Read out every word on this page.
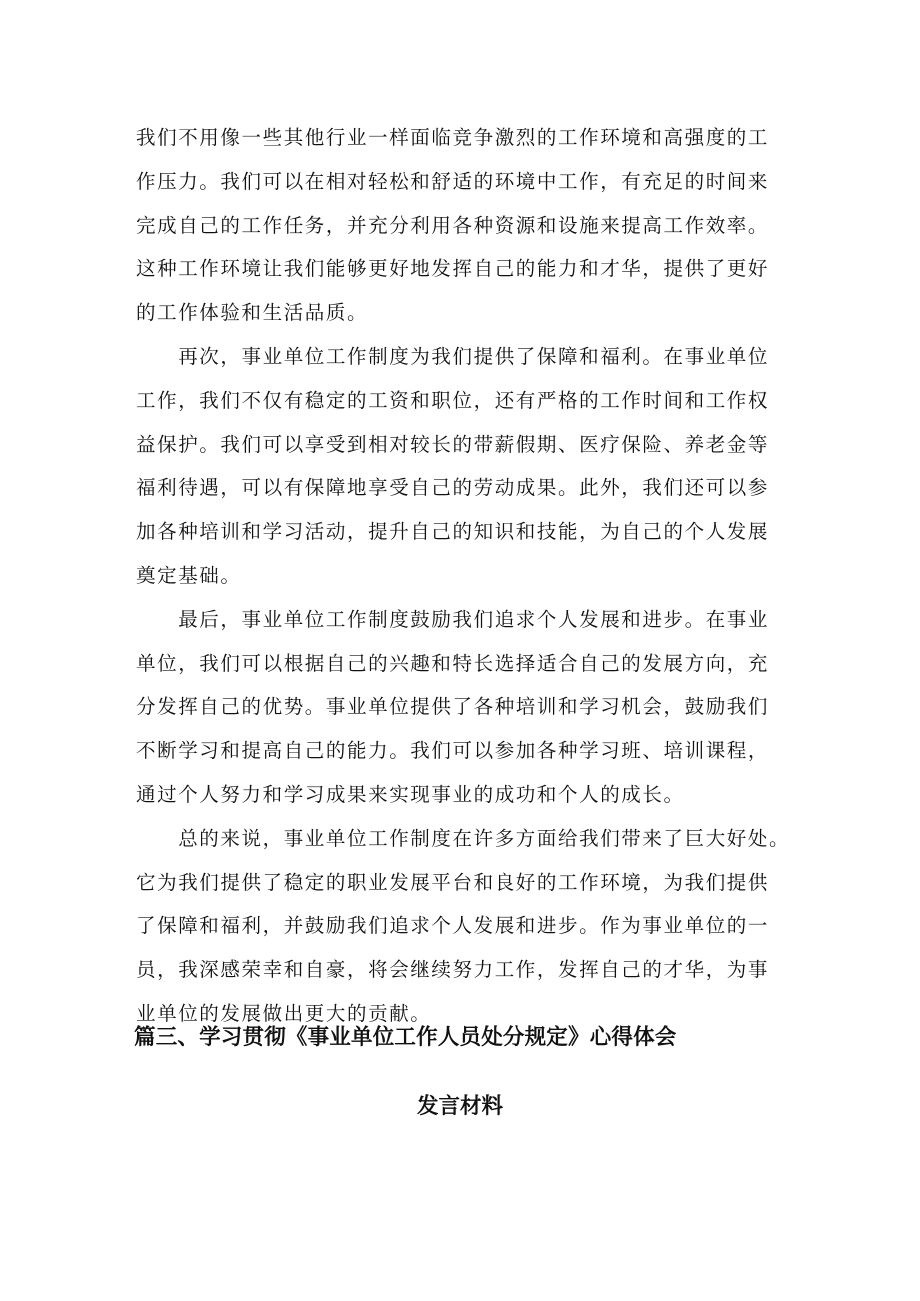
我们不用像一些其他行业一样面临竞争激烈的工作环境和高强度的工
作压力。我们可以在相对轻松和舒适的环境中工作，有充足的时间来
完成自己的工作任务，并充分利用各种资源和设施来提高工作效率。
这种工作环境让我们能够更好地发挥自己的能力和才华，提供了更好
的工作体验和生活品质。

　　再次，事业单位工作制度为我们提供了保障和福利。在事业单位
工作，我们不仅有稳定的工资和职位，还有严格的工作时间和工作权
益保护。我们可以享受到相对较长的带薪假期、医疗保险、养老金等
福利待遇，可以有保障地享受自己的劳动成果。此外，我们还可以参
加各种培训和学习活动，提升自己的知识和技能，为自己的个人发展
奠定基础。

　　最后，事业单位工作制度鼓励我们追求个人发展和进步。在事业
单位，我们可以根据自己的兴趣和特长选择适合自己的发展方向，充
分发挥自己的优势。事业单位提供了各种培训和学习机会，鼓励我们
不断学习和提高自己的能力。我们可以参加各种学习班、培训课程，
通过个人努力和学习成果来实现事业的成功和个人的成长。

　　总的来说，事业单位工作制度在许多方面给我们带来了巨大好处。
它为我们提供了稳定的职业发展平台和良好的工作环境，为我们提供
了保障和福利，并鼓励我们追求个人发展和进步。作为事业单位的一
员，我深感荣幸和自豪，将会继续努力工作，发挥自己的才华，为事
业单位的发展做出更大的贡献。

篇三、学习贯彻《事业单位工作人员处分规定》心得体会
发言材料
